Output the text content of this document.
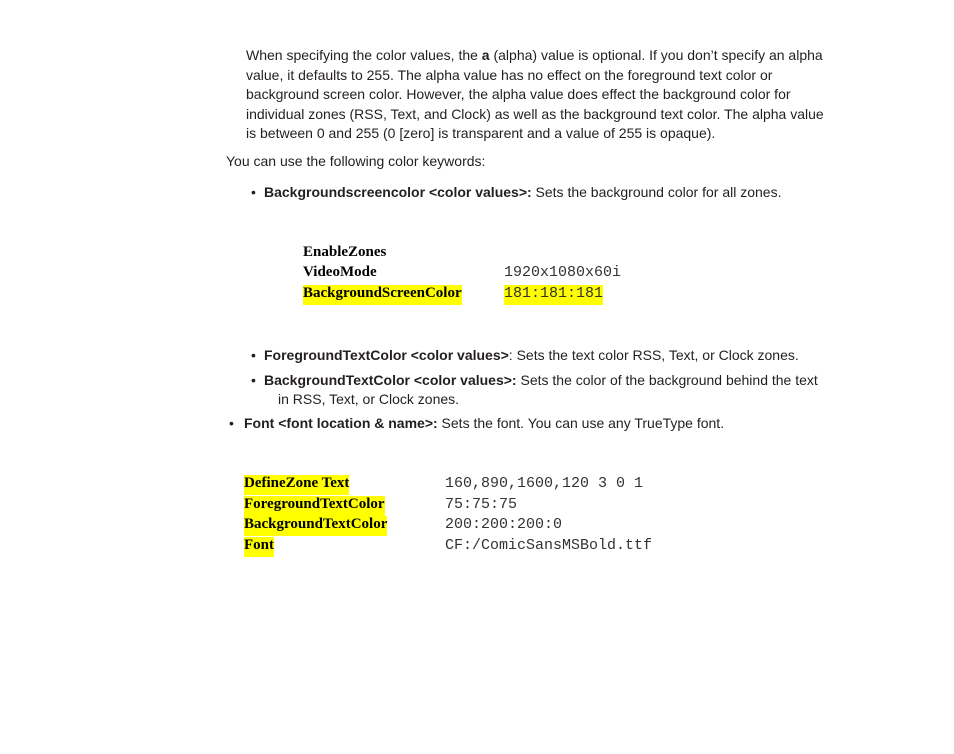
When specifying the color values, the a (alpha) value is optional. If you don’t specify an alpha
value, it defaults to 255. The alpha value has no effect on the foreground text color or
background screen color. However, the alpha value does effect the background color for
individual zones (RSS, Text, and Clock) as well as the background text color. The alpha value
is between 0 and 255 (0 [zero] is transparent and a value of 255 is opaque).
You can use the following color keywords:
• Backgroundscreencolor <color values>: Sets the background color for all zones.
EnableZones
VideoMode	1920x1080x60i
BackgroundScreenColor	181:181:181
• ForegroundTextColor <color values>: Sets the text color RSS, Text, or Clock zones.
• BackgroundTextColor <color values>: Sets the color of the background behind the text
in RSS, Text, or Clock zones.
• Font <font location & name>: Sets the font. You can use any TrueType font.
DefineZone Text	160,890,1600,120 3 0 1
ForegroundTextColor	75:75:75
BackgroundTextColor	200:200:200:0
Font	CF:/ComicSansMSBold.ttf
